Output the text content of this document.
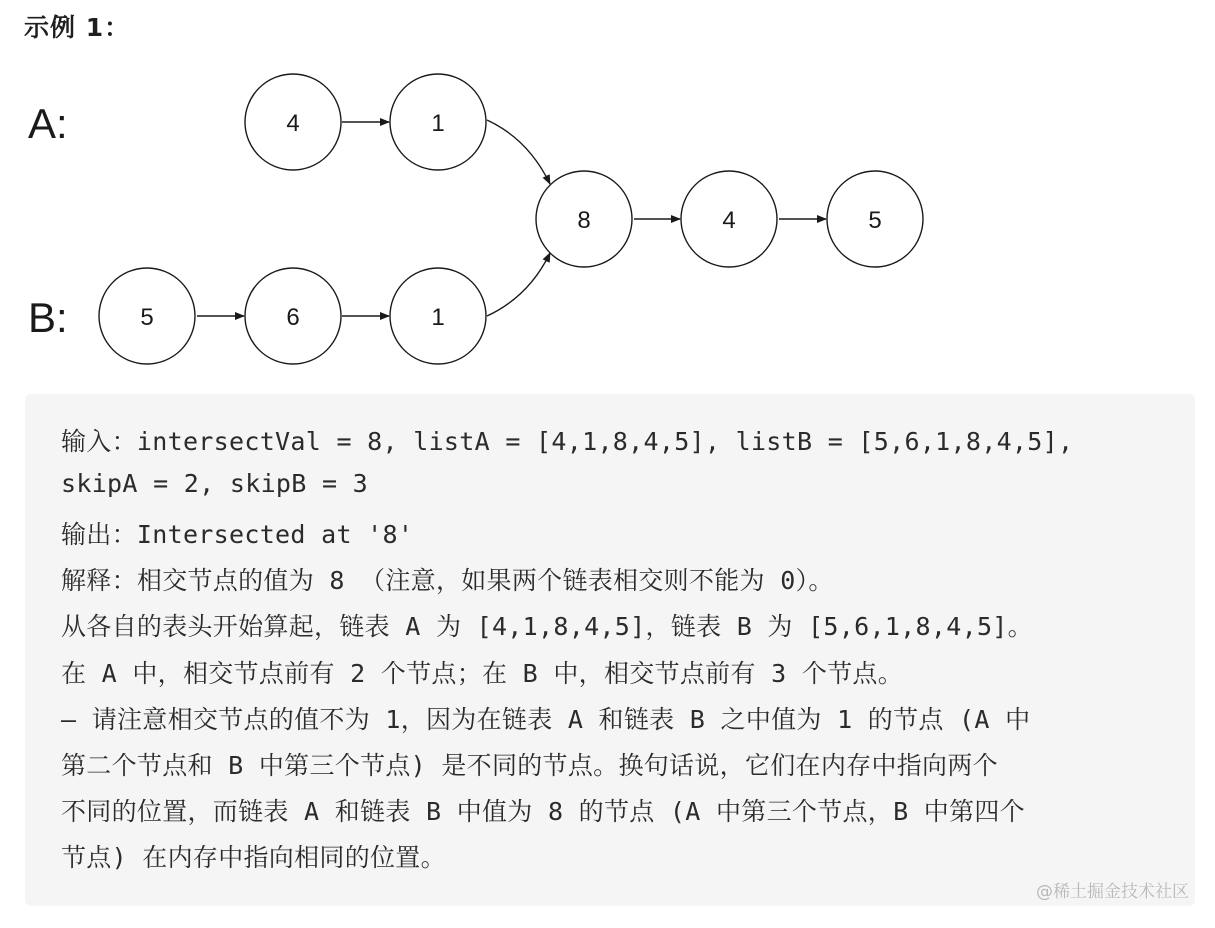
示例 1：
A:
B:
4	1
8	4	5
5	6	1
输入：intersectVal = 8, listA = [4,1,8,4,5], listB = [5,6,1,8,4,5],
skipA = 2, skipB = 3
输出：Intersected at '8'
解释：相交节点的值为 8 （注意，如果两个链表相交则不能为 0）。
从各自的表头开始算起，链表 A 为 [4,1,8,4,5]，链表 B 为 [5,6,1,8,4,5]。
在 A 中，相交节点前有 2 个节点；在 B 中，相交节点前有 3 个节点。
— 请注意相交节点的值不为 1，因为在链表 A 和链表 B 之中值为 1 的节点 (A 中
第二个节点和 B 中第三个节点) 是不同的节点。换句话说，它们在内存中指向两个
不同的位置，而链表 A 和链表 B 中值为 8 的节点 (A 中第三个节点，B 中第四个
节点) 在内存中指向相同的位置。
@稀土掘金技术社区
